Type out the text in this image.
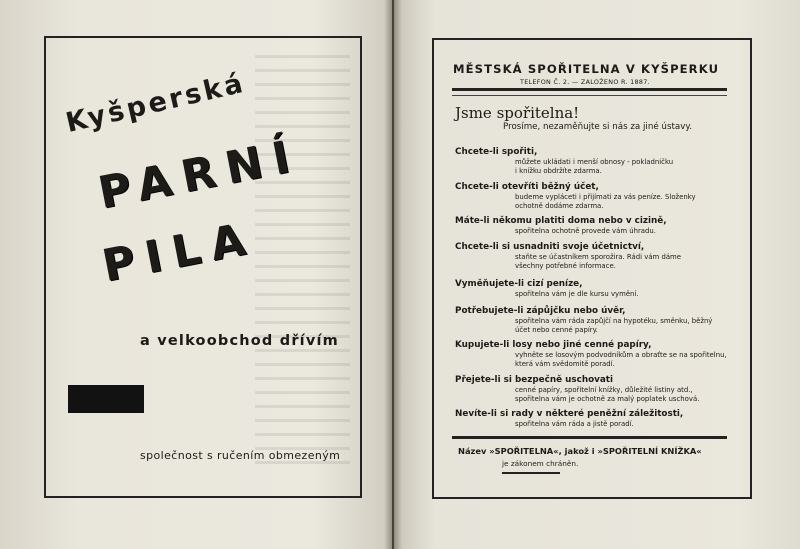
Kyšperská
PARNÍ
PILA
a velkoobchod dřívím
společnost s ručením obmezeným
MĚSTSKÁ SPOŘITELNA V KYŠPERKU
TELEFON Č. 2. — ZALOŽENO R. 1887.
Jsme spořitelna!
Prosíme, nezaměňujte si nás za jiné ústavy.
Chcete-li spořiti,
můžete ukládati i menší obnosy - pokladničku
i knížku obdržíte zdarma.
Chcete-li otevříti běžný účet,
budeme vypláceti i přijímati za vás peníze. Složenky
ochotně dodáme zdarma.
Máte-li někomu platiti doma nebo v cizině,
spořitelna ochotně provede vám úhradu.
Chcete-li si usnadniti svoje účetnictví,
staňte se účastníkem sporožira. Rádi vám dáme
všechny potřebné informace.
Vyměňujete-li cizí peníze,
spořitelna vám je dle kursu vymění.
Potřebujete-li zápůjčku nebo úvěr,
spořitelna vám ráda zapůjčí na hypotéku, směnku, běžný
účet nebo cenné papíry.
Kupujete-li losy nebo jiné cenné papíry,
vyhněte se losovým podvodníkům a obraťte se na spořitelnu,
která vám svědomitě poradí.
Přejete-li si bezpečně uschovati
cenné papíry, spořitelní knížky, důležité listiny atd.,
spořitelna vám je ochotně za malý poplatek uschová.
Nevíte-li si rady v některé peněžní záležitosti,
spořitelna vám ráda a jistě poradí.
Název »SPOŘITELNA«, jakož i »SPOŘITELNÍ KNÍŽKA«
je zákonem chráněn.
